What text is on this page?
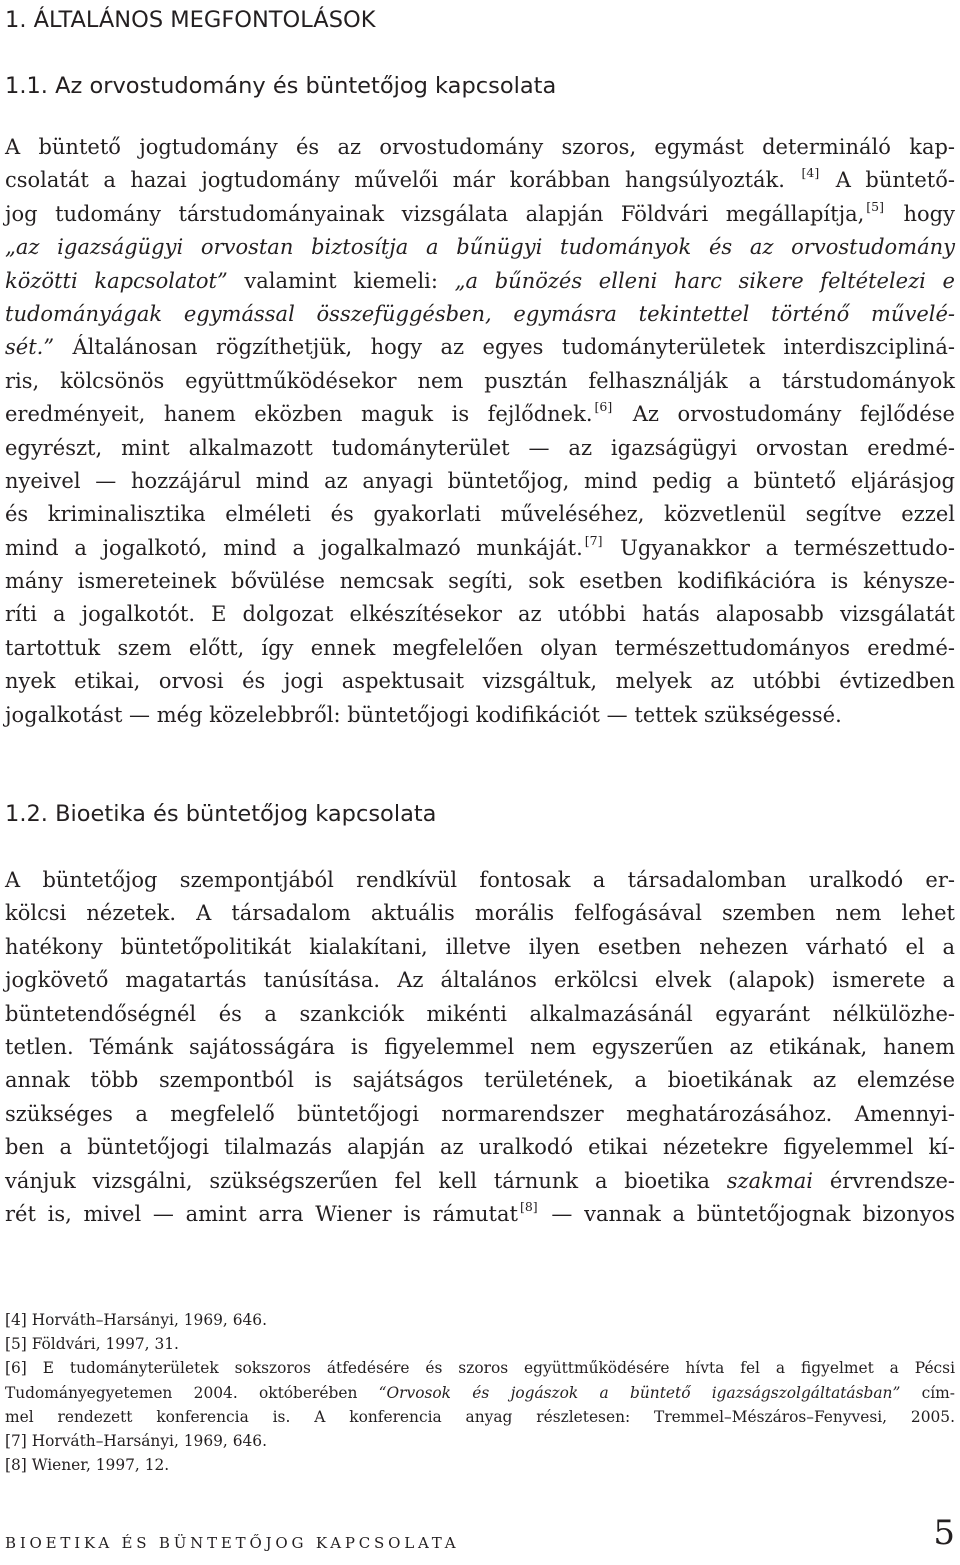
1. ÁLTALÁNOS MEGFONTOLÁSOK
1.1. Az orvostudomány és büntetőjog kapcsolata
A büntető jogtudomány és az orvostudomány szoros, egymást determináló kap-
csolatát a hazai jogtudomány művelői már korábban hangsúlyozták. [4] A büntető-
jog tudomány társtudományainak vizsgálata alapján Földvári megállapítja, [5] hogy
„az igazságügyi orvostan biztosítja a bűnügyi tudományok és az orvostudomány
közötti kapcsolatot” valamint kiemeli: „a bűnözés elleni harc sikere feltételezi e
tudományágak egymással összefüggésben, egymásra tekintettel történő művelé-
sét.” Általánosan rögzíthetjük, hogy az egyes tudományterületek interdiszcipliná-
ris, kölcsönös együttműködésekor nem pusztán felhasználják a társtudományok
eredményeit, hanem eközben maguk is fejlődnek. [6] Az orvostudomány fejlődése
egyrészt, mint alkalmazott tudományterület — az igazságügyi orvostan eredmé-
nyeivel — hozzájárul mind az anyagi büntetőjog, mind pedig a büntető eljárásjog
és kriminalisztika elméleti és gyakorlati műveléséhez, közvetlenül segítve ezzel
mind a jogalkotó, mind a jogalkalmazó munkáját. [7] Ugyanakkor a természettudo-
mány ismereteinek bővülése nemcsak segíti, sok esetben kodifikációra is kénysze-
ríti a jogalkotót. E dolgozat elkészítésekor az utóbbi hatás alaposabb vizsgálatát
tartottuk szem előtt, így ennek megfelelően olyan természettudományos eredmé-
nyek etikai, orvosi és jogi aspektusait vizsgáltuk, melyek az utóbbi évtizedben
jogalkotást — még közelebbről: büntetőjogi kodifikációt — tettek szükségessé.
1.2. Bioetika és büntetőjog kapcsolata
A büntetőjog szempontjából rendkívül fontosak a társadalomban uralkodó er-
kölcsi nézetek. A társadalom aktuális morális felfogásával szemben nem lehet
hatékony büntetőpolitikát kialakítani, illetve ilyen esetben nehezen várható el a
jogkövető magatartás tanúsítása. Az általános erkölcsi elvek (alapok) ismerete a
büntetendőségnél és a szankciók mikénti alkalmazásánál egyaránt nélkülözhe-
tetlen. Témánk sajátosságára is figyelemmel nem egyszerűen az etikának, hanem
annak több szempontból is sajátságos területének, a bioetikának az elemzése
szükséges a megfelelő büntetőjogi normarendszer meghatározásához. Amennyi-
ben a büntetőjogi tilalmazás alapján az uralkodó etikai nézetekre figyelemmel kí-
vánjuk vizsgálni, szükségszerűen fel kell tárnunk a bioetika szakmai érvrendsze-
rét is, mivel — amint arra Wiener is rámutat [8] — vannak a büntetőjognak bizonyos
[4] Horváth–Harsányi, 1969, 646.
[5] Földvári, 1997, 31.
[6] E tudományterületek sokszoros átfedésére és szoros együttműködésére hívta fel a figyelmet a Pécsi
Tudományegyetemen 2004. októberében “Orvosok és jogászok a büntető igazságszolgáltatásban” cím-
mel rendezett konferencia is. A konferencia anyag részletesen: Tremmel–Mészáros–Fenyvesi, 2005.
[7] Horváth–Harsányi, 1969, 646.
[8] Wiener, 1997, 12.
BIOETIKA ÉS BÜNTETŐJOG KAPCSOLATA	5
